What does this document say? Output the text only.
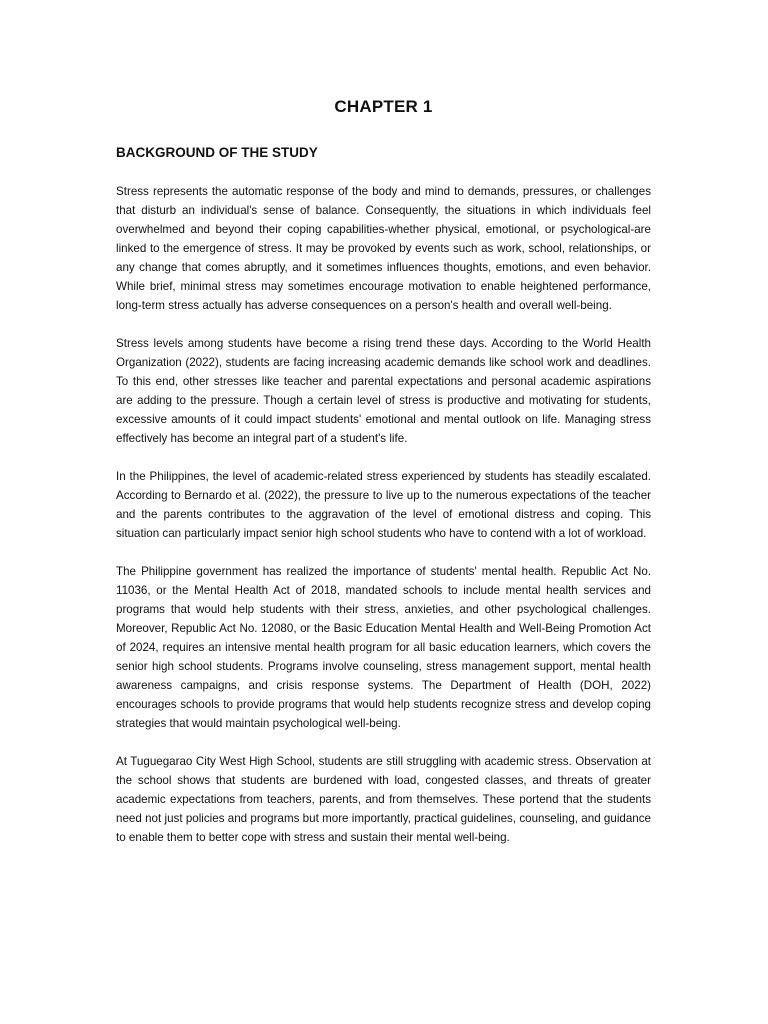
CHAPTER 1
BACKGROUND OF THE STUDY

Stress represents the automatic response of the body and mind to demands, pressures, or challenges that disturb an individual's sense of balance. Consequently, the situations in which individuals feel overwhelmed and beyond their coping capabilities-whether physical, emotional, or psychological-are linked to the emergence of stress. It may be provoked by events such as work, school, relationships, or any change that comes abruptly, and it sometimes influences thoughts, emotions, and even behavior. While brief, minimal stress may sometimes encourage motivation to enable heightened performance, long-term stress actually has adverse consequences on a person's health and overall well-being.

Stress levels among students have become a rising trend these days. According to the World Health Organization (2022), students are facing increasing academic demands like school work and deadlines. To this end, other stresses like teacher and parental expectations and personal academic aspirations are adding to the pressure. Though a certain level of stress is productive and motivating for students, excessive amounts of it could impact students' emotional and mental outlook on life. Managing stress effectively has become an integral part of a student's life.

In the Philippines, the level of academic-related stress experienced by students has steadily escalated. According to Bernardo et al. (2022), the pressure to live up to the numerous expectations of the teacher and the parents contributes to the aggravation of the level of emotional distress and coping. This situation can particularly impact senior high school students who have to contend with a lot of workload.

The Philippine government has realized the importance of students' mental health. Republic Act No. 11036, or the Mental Health Act of 2018, mandated schools to include mental health services and programs that would help students with their stress, anxieties, and other psychological challenges. Moreover, Republic Act No. 12080, or the Basic Education Mental Health and Well-Being Promotion Act of 2024, requires an intensive mental health program for all basic education learners, which covers the senior high school students. Programs involve counseling, stress management support, mental health awareness campaigns, and crisis response systems. The Department of Health (DOH, 2022) encourages schools to provide programs that would help students recognize stress and develop coping strategies that would maintain psychological well-being.

At Tuguegarao City West High School, students are still struggling with academic stress. Observation at the school shows that students are burdened with load, congested classes, and threats of greater academic expectations from teachers, parents, and from themselves. These portend that the students need not just policies and programs but more importantly, practical guidelines, counseling, and guidance to enable them to better cope with stress and sustain their mental well-being.
